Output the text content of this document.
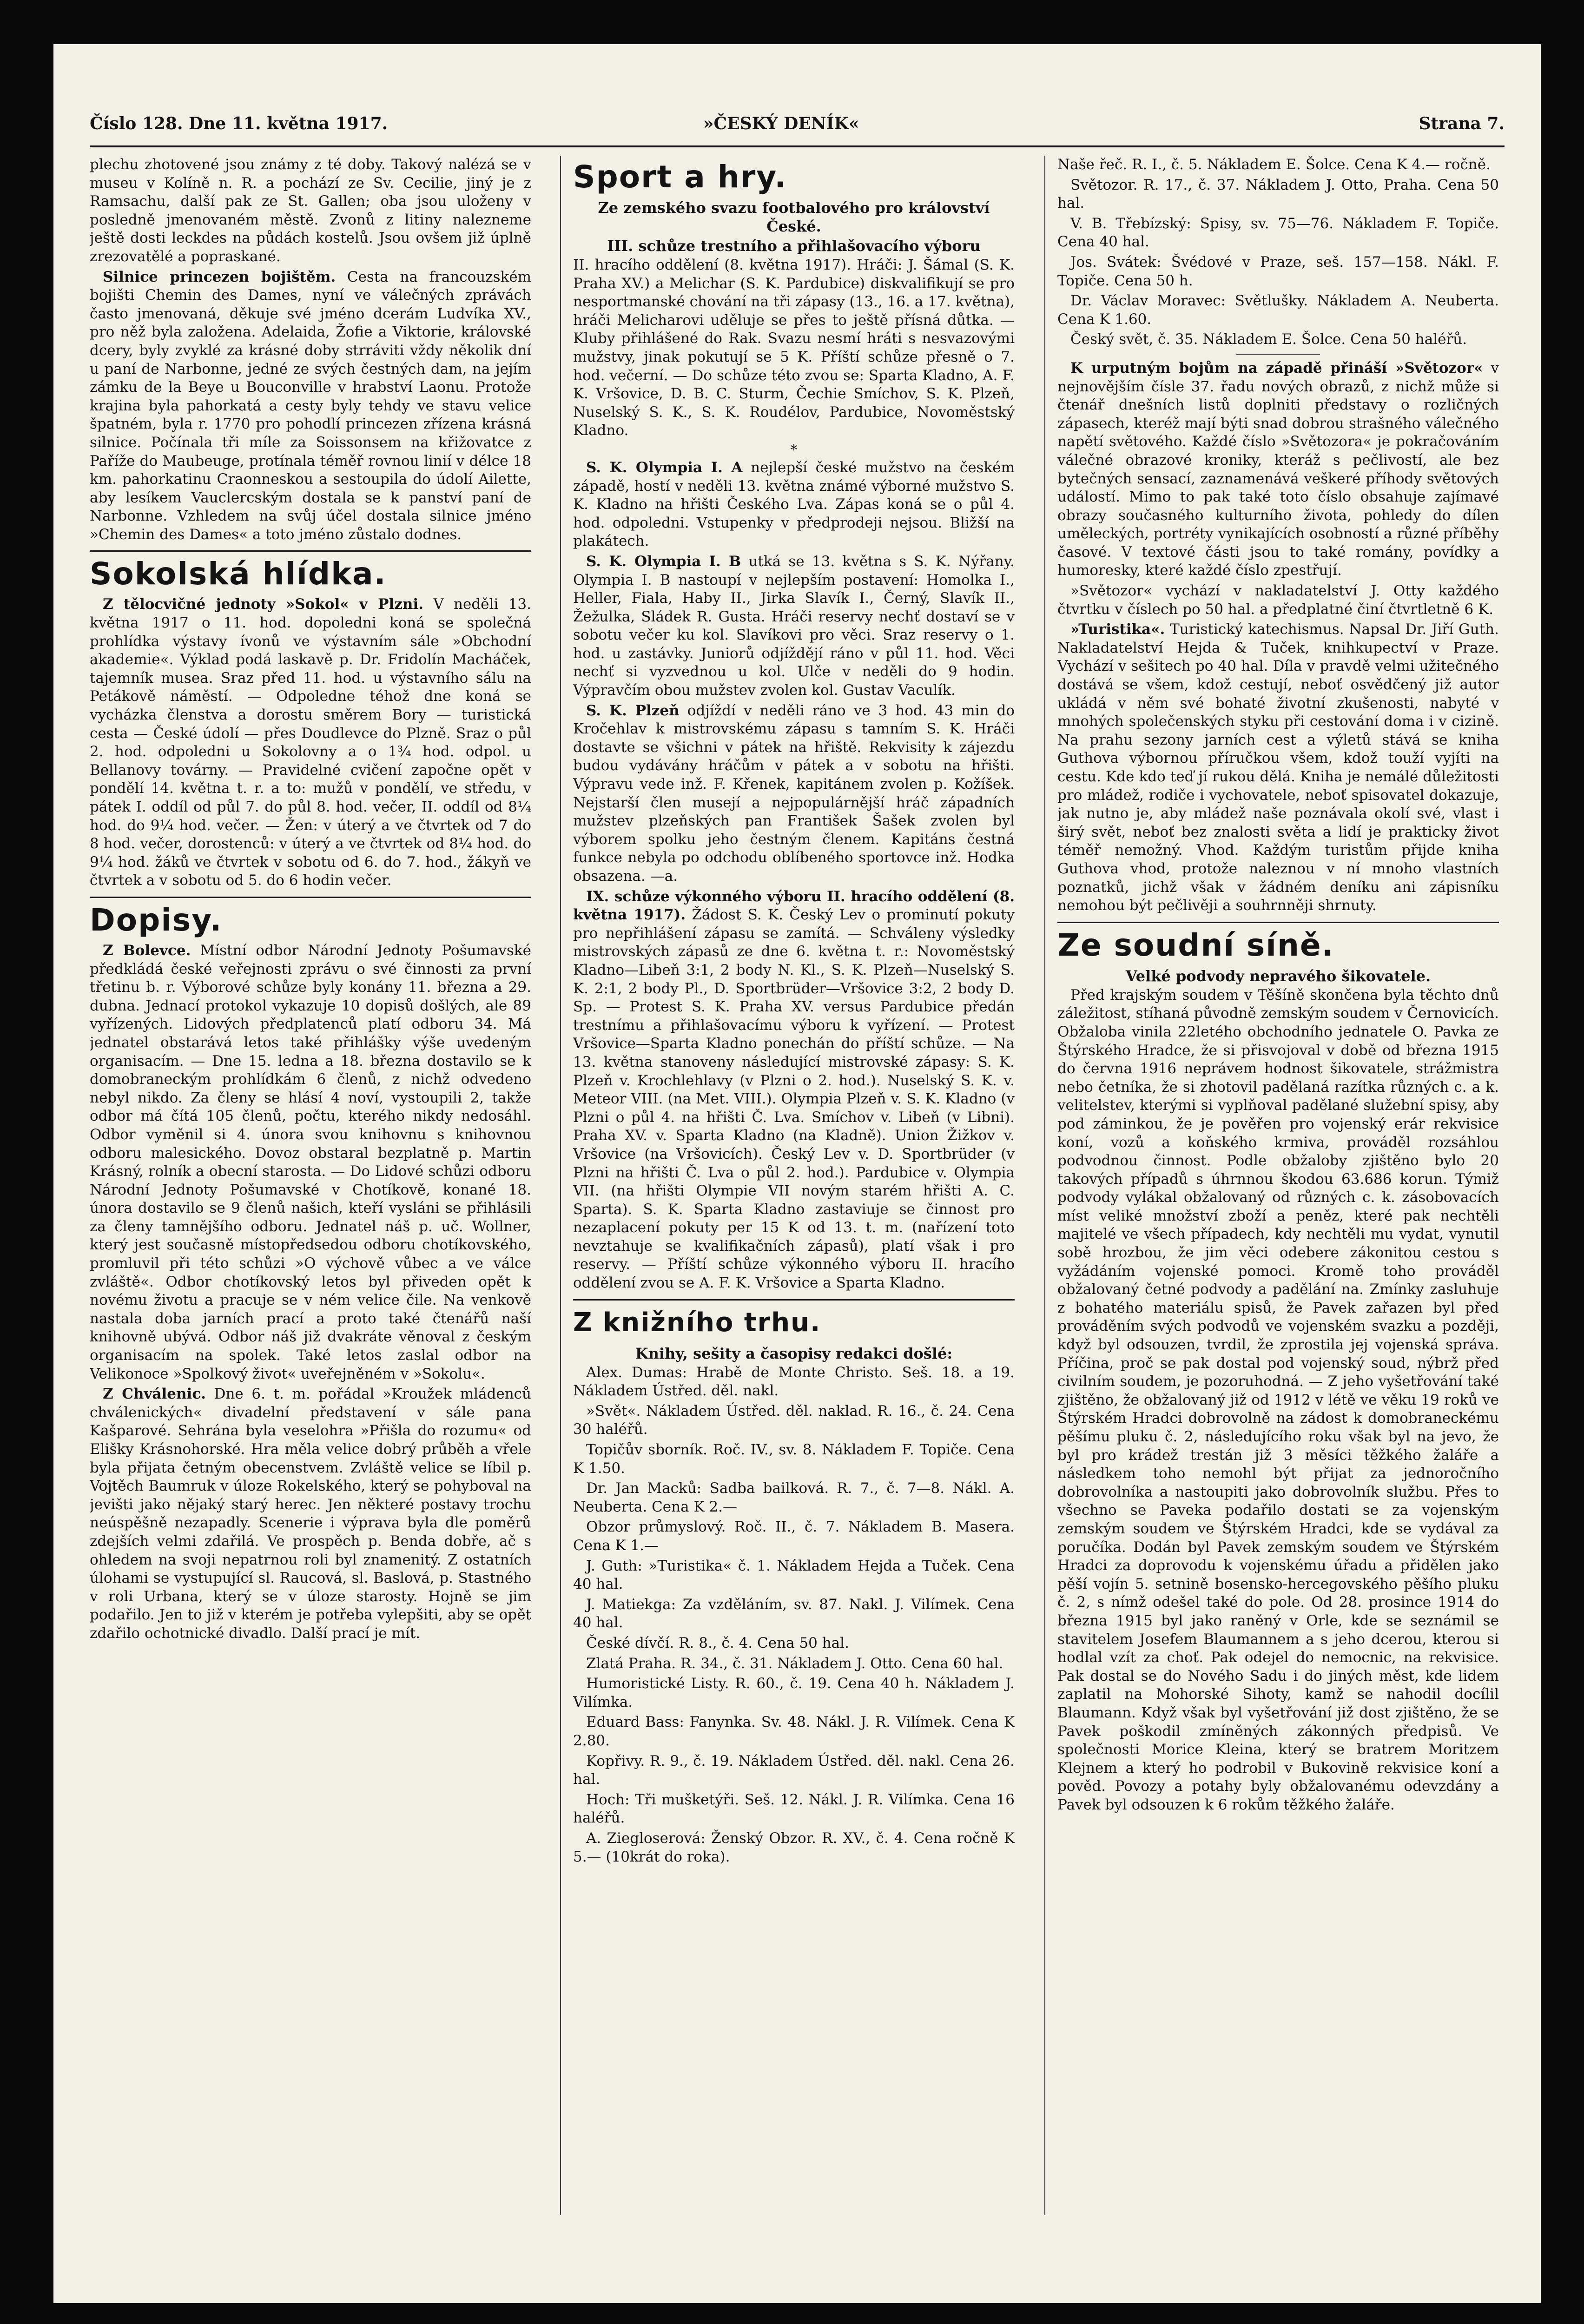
Číslo 128. Dne 11. května 1917.	»ČESKÝ DENÍK«	Strana 7.

plechu zhotovené jsou známy z té doby. Takový nalézá se v museu v Kolíně n. R. a pochází ze Sv. Cecilie, jiný je z Ramsachu, další pak ze St. Gallen; oba jsou uloženy v posledně jmenovaném městě. Zvonů z litiny nalezneme ještě dosti leckdes na půdách kostelů. Jsou ovšem již úplně zrezovatělé a popraskané.

Silnice princezen bojištěm. Cesta na francouzském bojišti Chemin des Dames, nyní ve válečných zprávách často jmenovaná, děkuje své jméno dcerám Ludvíka XV., pro něž byla založena. Adelaida, Žofie a Viktorie, královské dcery, byly zvyklé za krásné doby strráviti vždy několik dní u paní de Narbonne, jedné ze svých čestných dam, na jejím zámku de la Beye u Bouconville v hrabství Laonu. Protože krajina byla pahorkatá a cesty byly tehdy ve stavu velice špatném, byla r. 1770 pro pohodlí princezen zřízena krásná silnice. Počínala tři míle za Soissonsem na křižovatce z Paříže do Maubeuge, protínala téměř rovnou linií v délce 18 km. pahorkatinu Craonneskou a sestoupila do údolí Ailette, aby lesíkem Vauclercským dostala se k panství paní de Narbonne. Vzhledem na svůj účel dostala silnice jméno »Chemin des Dames« a toto jméno zůstalo dodnes.

Sokolská hlídka.

Z tělocvičné jednoty »Sokol« v Plzni. V neděli 13. května 1917 o 11. hod. dopoledni koná se společná prohlídka výstavy ívonů ve výstavním sále »Obchodní akademie«. Výklad podá laskavě p. Dr. Fridolín Macháček, tajemník musea. Sraz před 11. hod. u výstavního sálu na Petákově náměstí. — Odpoledne téhož dne koná se vycházka členstva a dorostu směrem Bory — turistická cesta — České údolí — přes Doudlevce do Plzně. Sraz o půl 2. hod. odpoledni u Sokolovny a o 1¾ hod. odpol. u Bellanovy továrny. — Pravidelné cvičení započne opět v pondělí 14. května t. r. a to: mužů v pondělí, ve středu, v pátek I. oddíl od půl 7. do půl 8. hod. večer, II. oddíl od 8¼ hod. do 9¼ hod. večer. — Žen: v úterý a ve čtvrtek od 7 do 8 hod. večer, dorostenců: v úterý a ve čtvrtek od 8¼ hod. do 9¼ hod. žáků ve čtvrtek v sobotu od 6. do 7. hod., žákyň ve čtvrtek a v sobotu od 5. do 6 hodin večer.

Dopisy.

Z Bolevce. Místní odbor Národní Jednoty Pošumavské předkládá české veřejnosti zprávu o své činnosti za první třetinu b. r. Výborové schůze byly konány 11. března a 29. dubna. Jednací protokol vykazuje 10 dopisů došlých, ale 89 vyřízených. Lidových předplatenců platí odboru 34. Má jednatel obstarává letos také přihlášky výše uvedeným organisacím. — Dne 15. ledna a 18. března dostavilo se k domobraneckým prohlídkám 6 členů, z nichž odvedeno nebyl nikdo. Za členy se hlásí 4 noví, vystoupili 2, takže odbor má čítá 105 členů, počtu, kterého nikdy nedosáhl. Odbor vyměnil si 4. února svou knihovnu s knihovnou odboru malesického. Dovoz obstaral bezplatně p. Martin Krásný, rolník a obecní starosta. — Do Lidové schůzi odboru Národní Jednoty Pošumavské v Chotíkově, konané 18. února dostavilo se 9 členů našich, kteří vysláni se přihlásili za členy tamnějšího odboru. Jednatel náš p. uč. Wollner, který jest současně místopředsedou odboru chotíkovského, promluvil při této schůzi »O výchově vůbec a ve válce zvláště«. Odbor chotíkovský letos byl přiveden opět k novému životu a pracuje se v ném velice čile. Na venkově nastala doba jarních prací a proto také čtenářů naší knihovně ubývá. Odbor náš již dvakráte věnoval z českým organisacím na spolek. Také letos zaslal odbor na Velikonoce »Spolkový život« uveřejněném v »Sokolu«.

Z Chválenic. Dne 6. t. m. pořádal »Kroužek mládenců chválenických« divadelní představení v sále pana Kašparové. Sehrána byla veselohra »Přišla do rozumu« od Elišky Krásnohorské. Hra měla velice dobrý průběh a vřele byla přijata četným obecenstvem. Zvláště velice se líbil p. Vojtěch Baumruk v úloze Rokelského, který se pohyboval na jevišti jako nějaký starý herec. Jen některé postavy trochu neúspěšně nezapadly. Scenerie i výprava byla dle poměrů zdejších velmi zdařilá. Ve prospěch p. Benda dobře, ač s ohledem na svoji nepatrnou roli byl znamenitý. Z ostatních úlohami se vystupující sl. Raucová, sl. Baslová, p. Stastného v roli Urbana, který se v úloze starosty. Hojně se jim podařilo. Jen to již v kterém je potřeba vylepšiti, aby se opět zdařilo ochotnické divadlo. Další prací je mít.

Sport a hry.
Ze zemského svazu footbalového pro království České.
III. schůze trestního a přihlašovacího výboru

II. hracího oddělení (8. května 1917). Hráči: J. Šámal (S. K. Praha XV.) a Melichar (S. K. Pardubice) diskvalifikují se pro nesportmanské chování na tři zápasy (13., 16. a 17. května), hráči Melicharovi uděluje se přes to ještě přísná důtka. — Kluby přihlášené do Rak. Svazu nesmí hráti s nesvazovými mužstvy, jinak pokutují se 5 K. Příští schůze přesně o 7. hod. večerní. — Do schůze této zvou se: Sparta Kladno, A. F. K. Vršovice, D. B. C. Sturm, Čechie Smíchov, S. K. Plzeň, Nuselský S. K., S. K. Roudélov, Pardubice, Novoměstský Kladno.

*

S. K. Olympia I. A nejlepší české mužstvo na českém západě, hostí v neděli 13. května známé výborné mužstvo S. K. Kladno na hřišti Českého Lva. Zápas koná se o půl 4. hod. odpoledni. Vstupenky v předprodeji nejsou. Bližší na plakátech.

S. K. Olympia I. B utká se 13. května s S. K. Nýřany. Olympia I. B nastoupí v nejlepším postavení: Homolka I., Heller, Fiala, Haby II., Jirka Slavík I., Černý, Slavík II., Žežulka, Sládek R. Gusta. Hráči reservy nechť dostaví se v sobotu večer ku kol. Slavíkovi pro věci. Sraz reservy o 1. hod. u zastávky. Juniorů odjíždějí ráno v půl 11. hod. Věci nechť si vyzvednou u kol. Ulče v neděli do 9 hodin. Výpravčím obou mužstev zvolen kol. Gustav Vaculík.

S. K. Plzeň odjíždí v neděli ráno ve 3 hod. 43 min do Kročehlav k mistrovskému zápasu s tamním S. K. Hráči dostavte se všichni v pátek na hřiště. Rekvisity k zájezdu budou vydávány hráčům v pátek a v sobotu na hřišti. Výpravu vede inž. F. Křenek, kapitánem zvolen p. Kožíšek. Nejstarší člen musejí a nejpopulárnější hráč západních mužstev plzeňských pan František Šašek zvolen byl výborem spolku jeho čestným členem. Kapitáns čestná funkce nebyla po odchodu oblíbeného sportovce inž. Hodka obsazena. —a.

IX. schůze výkonného výboru II. hracího oddělení (8. května 1917). Žádost S. K. Český Lev o prominutí pokuty pro nepřihlášení zápasu se zamítá. — Schváleny výsledky mistrovských zápasů ze dne 6. května t. r.: Novoměstský Kladno—Libeň 3:1, 2 body N. Kl., S. K. Plzeň—Nuselský S. K. 2:1, 2 body Pl., D. Sportbrüder—Vršovice 3:2, 2 body D. Sp. — Protest S. K. Praha XV. versus Pardubice předán trestnímu a přihlašovacímu výboru k vyřízení. — Protest Vršovice—Sparta Kladno ponechán do příští schůze. — Na 13. května stanoveny následující mistrovské zápasy: S. K. Plzeň v. Krochlehlavy (v Plzni o 2. hod.). Nuselský S. K. v. Meteor VIII. (na Met. VIII.). Olympia Plzeň v. S. K. Kladno (v Plzni o půl 4. na hřišti Č. Lva. Smíchov v. Libeň (v Libni). Praha XV. v. Sparta Kladno (na Kladně). Union Žižkov v. Vršovice (na Vršovicích). Český Lev v. D. Sportbrüder (v Plzni na hřišti Č. Lva o půl 2. hod.). Pardubice v. Olympia VII. (na hřišti Olympie VII novým starém hřišti A. C. Sparta). S. K. Sparta Kladno zastaviuje se činnost pro nezaplacení pokuty per 15 K od 13. t. m. (nařízení toto nevztahuje se kvalifikačních zápasů), platí však i pro reservy. — Příští schůze výkonného výboru II. hracího oddělení zvou se A. F. K. Vršovice a Sparta Kladno.

Z knižního trhu.
Knihy, sešity a časopisy redakci došlé:

Alex. Dumas: Hrabě de Monte Christo. Seš. 18. a 19. Nákladem Ústřed. děl. nakl.

»Svět«. Nákladem Ústřed. děl. naklad. R. 16., č. 24. Cena 30 haléřů.

Topičův sborník. Roč. IV., sv. 8. Nákladem F. Topiče. Cena K 1.50.

Dr. Jan Macků: Sadba bailková. R. 7., č. 7—8. Nákl. A. Neuberta. Cena K 2.—

Obzor průmyslový. Roč. II., č. 7. Nákladem B. Masera. Cena K 1.—

J. Guth: »Turistika« č. 1. Nákladem Hejda a Tuček. Cena 40 hal.

J. Matiekga: Za vzděláním, sv. 87. Nakl. J. Vilímek. Cena 40 hal.

České dívčí. R. 8., č. 4. Cena 50 hal.

Zlatá Praha. R. 34., č. 31. Nákladem J. Otto. Cena 60 hal.

Humoristické Listy. R. 60., č. 19. Cena 40 h. Nákladem J. Vilímka.

Eduard Bass: Fanynka. Sv. 48. Nákl. J. R. Vilímek. Cena K 2.80.

Kopřivy. R. 9., č. 19. Nákladem Ústřed. děl. nakl. Cena 26. hal.

Hoch: Tři mušketýři. Seš. 12. Nákl. J. R. Vilímka. Cena 16 haléřů.

A. Ziegloserová: Ženský Obzor. R. XV., č. 4. Cena ročně K 5.— (10krát do roka).

Naše řeč. R. I., č. 5. Nákladem E. Šolce. Cena K 4.— ročně.

Světozor. R. 17., č. 37. Nákladem J. Otto, Praha. Cena 50 hal.

V. B. Třebízský: Spisy, sv. 75—76. Nákladem F. Topiče. Cena 40 hal.

Jos. Svátek: Švédové v Praze, seš. 157—158. Nákl. F. Topiče. Cena 50 h.

Dr. Václav Moravec: Světlušky. Nákladem A. Neuberta. Cena K 1.60.

Český svět, č. 35. Nákladem E. Šolce. Cena 50 haléřů.

K urputným bojům na západě přináší »Světozor« v nejnovějším čísle 37. řadu nových obrazů, z nichž může si čtenář dnešních listů doplniti představy o rozličných zápasech, kteréž mají býti snad dobrou strašného válečného napětí světového. Každé číslo »Světozora« je pokračováním válečné obrazové kroniky, kteráž s pečlivostí, ale bez bytečných sensací, zaznamenává veškeré příhody světových událostí. Mimo to pak také toto číslo obsahuje zajímavé obrazy současného kulturního života, pohledy do dílen uměleckých, portréty vynikajících osobností a různé příběhy časové. V textové části jsou to také romány, povídky a humoresky, které každé číslo zpestřují.

»Světozor« vychází v nakladatelství J. Otty každého čtvrtku v číslech po 50 hal. a předplatné činí čtvrtletně 6 K.

»Turistika«. Turistický katechismus. Napsal Dr. Jiří Guth. Nakladatelství Hejda & Tuček, knihkupectví v Praze. Vychází v sešitech po 40 hal. Díla v pravdě velmi užitečného dostává se všem, kdož cestují, neboť osvědčený již autor ukládá v něm své bohaté životní zkušenosti, nabyté v mnohých společenských styku při cestování doma i v cizině. Na prahu sezony jarních cest a výletů stává se kniha Guthova výbornou příručkou všem, kdož touží vyjíti na cestu. Kde kdo teď jí rukou dělá. Kniha je nemálé důležitosti pro mládež, rodiče i vychovatele, neboť spisovatel dokazuje, jak nutno je, aby mládež naše poznávala okolí své, vlast i širý svět, neboť bez znalosti světa a lidí je prakticky život téměř nemožný. Vhod. Každým turistům přijde kniha Guthova vhod, protože naleznou v ní mnoho vlastních poznatků, jichž však v žádném deníku ani zápisníku nemohou být pečlivěji a souhrnněji shrnuty.

Ze soudní síně.
Velké podvody nepravého šikovatele.

Před krajským soudem v Těšíně skončena byla těchto dnů záležitost, stíhaná původně zemským soudem v Černovicích. Obžaloba vinila 22letého obchodního jednatele O. Pavka ze Štýrského Hradce, že si přisvojoval v době od března 1915 do června 1916 neprávem hodnost šikovatele, strážmistra nebo četníka, že si zhotovil padělaná razítka různých c. a k. velitelstev, kterými si vyplňoval padělané služební spisy, aby pod záminkou, že je pověřen pro vojenský erár rekvisice koní, vozů a koňského krmiva, prováděl rozsáhlou podvodnou činnost. Podle obžaloby zjištěno bylo 20 takových případů s úhrnnou škodou 63.686 korun. Týmiž podvody vylákal obžalovaný od různých c. k. zásobovacích míst veliké množství zboží a peněz, které pak nechtěli majitelé ve všech případech, kdy nechtěli mu vydat, vynutil sobě hrozbou, že jim věci odebere zákonitou cestou s vyžádáním vojenské pomoci. Kromě toho prováděl obžalovaný četné podvody a padělání na. Zmínky zasluhuje z bohatého materiálu spisů, že Pavek zařazen byl před prováděním svých podvodů ve vojenském svazku a později, když byl odsouzen, tvrdil, že zprostila jej vojenská správa. Příčina, proč se pak dostal pod vojenský soud, nýbrž před civilním soudem, je pozoruhodná. — Z jeho vyšetřování také zjištěno, že obžalovaný již od 1912 v létě ve věku 19 roků ve Štýrském Hradci dobrovolně na zádost k domobraneckému pěšímu pluku č. 2, následujícího roku však byl na jevo, že byl pro krádež trestán již 3 měsíci těžkého žaláře a následkem toho nemohl být přijat za jednoročního dobrovolníka a nastoupiti jako dobrovolník službu. Přes to všechno se Paveka podařilo dostati se za vojenským zemským soudem ve Štýrském Hradci, kde se vydával za poručíka. Dodán byl Pavek zemským soudem ve Štýrském Hradci za doprovodu k vojenskému úřadu a přidělen jako pěší vojín 5. setnině bosensko-hercegovského pěšího pluku č. 2, s nímž odešel také do pole. Od 28. prosince 1914 do března 1915 byl jako raněný v Orle, kde se seznámil se stavitelem Josefem Blaumannem a s jeho dcerou, kterou si hodlal vzít za choť. Pak odejel do nemocnic, na rekvisice. Pak dostal se do Nového Sadu i do jiných měst, kde lidem zaplatil na Mohorské Sihoty, kamž se nahodil docílil Blaumann. Když však byl vyšetřování již dost zjištěno, že se Pavek poškodil zmíněných zákonných předpisů. Ve společnosti Morice Kleina, který se bratrem Moritzem Klejnem a který ho podrobil v Bukovině rekvisice koní a pověd. Povozy a potahy byly obžalovanému odevzdány a Pavek byl odsouzen k 6 rokům těžkého žaláře.
